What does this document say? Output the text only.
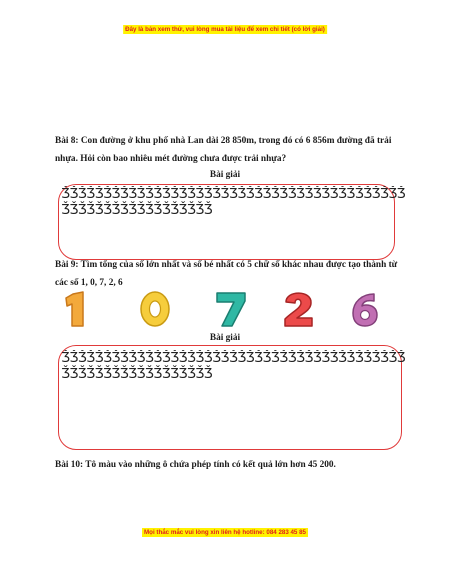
Đây là bản xem thử, vui lòng mua tài liệu để xem chi tiết (có lời giải)
Bài 8: Con đường ở khu phố nhà Lan dài 28 850m, trong đó có 6 856m đường đã trải nhựa. Hỏi còn bao nhiêu mét đường chưa được trải nhựa?
Bài giải
ǮǮǮǮǮǮǮǮǮǮǮǮǮǮǮǮǮǮǮǮǮǮǮǮǮǮǮǮǮǮǮǮǮǮǮǮǮǮǮǮǮǮǮǮǮǮǮǮǮǮǮǮǮǮǮǮǮǮǮ
Bài 9: Tìm tổng của số lớn nhất và số bé nhất có 5 chữ số khác nhau được tạo thành từ các số 1, 0, 7, 2, 6
Bài giải
ǮǮǮǮǮǮǮǮǮǮǮǮǮǮǮǮǮǮǮǮǮǮǮǮǮǮǮǮǮǮǮǮǮǮǮǮǮǮǮǮǮǮǮǮǮǮǮǮǮǮǮǮǮǮǮǮǮǮǮ
Bài 10: Tô màu vào những ô chứa phép tính có kết quả lớn hơn 45 200.
Mọi thắc mắc vui lòng xin liên hệ hotline: 084 283 45 85
